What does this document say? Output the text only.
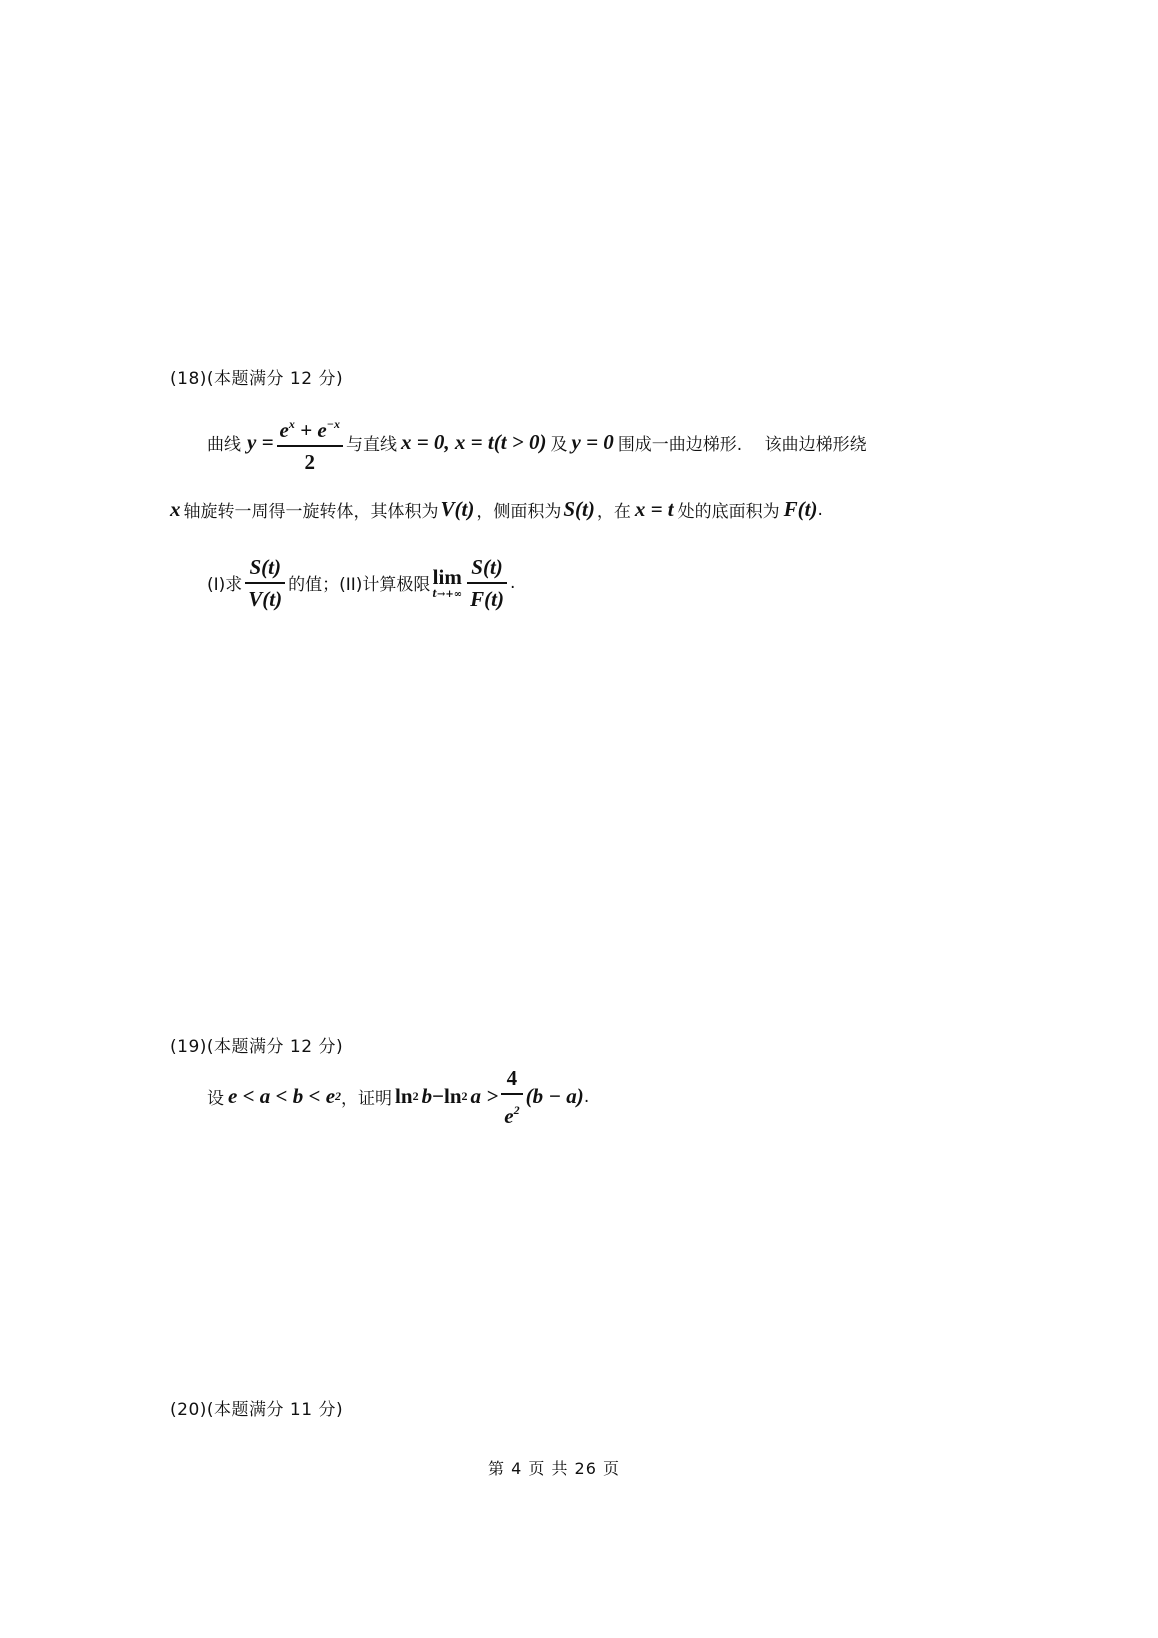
(18)(本题满分 12 分)
曲线 $y = \frac{e^x + e^{-x}}{2}$ 与直线 x = 0, x = t(t > 0) 及 y = 0 围成一曲边梯形.　 该曲边梯形绕
x 轴旋转一周得一旋转体，其体积为 V(t) ，侧面积为 S(t) ，在 x = t 处的底面积为 F(t) .
(I)求 $\frac{S(t)}{V(t)}$ 的值；(II)计算极限 lim
$t\to+\infty \frac{S(t)}{F(t)}$ .
(19)(本题满分 12 分)
设 e < a < b < e 2 ，证明 ln 2 b − ln 2 $a > \frac{4}{e^2} (b - a)$ .
(20)(本题满分 11 分)
第 4 页 共 26 页
